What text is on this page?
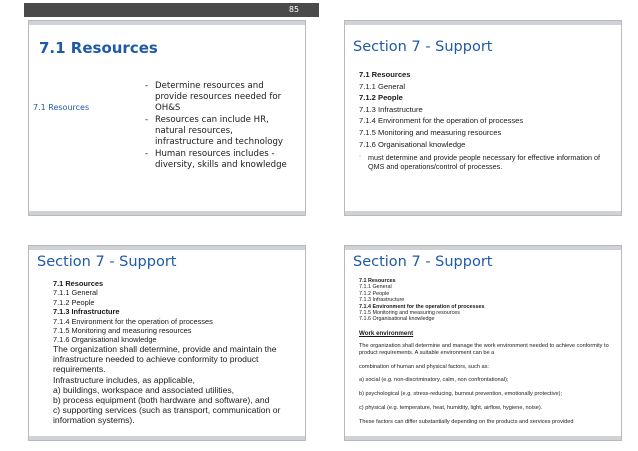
85
7.1 Resources
7.1 Resources
- Determine resources and provide resources needed for OH&S
- Resources can include HR, natural resources, infrastructure and technology
- Human resources includes - diversity, skills and knowledge
Section 7 - Support
7.1 Resources
7.1.1 General
7.1.2 People
7.1.3 Infrastructure
7.1.4 Environment for the operation of processes
7.1.5 Monitoring and measuring resources
7.1.6 Organisational knowledge
◦ must determine and provide people necessary for effective information of QMS and operations/control of processes.
Section 7 - Support
7.1 Resources
7.1.1 General
7.1.2 People
7.1.3 Infrastructure
7.1.4 Environment for the operation of processes
7.1.5 Monitoring and measuring resources
7.1.6 Organisational knowledge
The organization shall determine, provide and maintain the infrastructure needed to achieve conformity to product requirements.
Infrastructure includes, as applicable,
a) buildings, workspace and associated utilities,
b) process equipment (both hardware and software), and
c) supporting services (such as transport, communication or information systems).
Section 7 - Support
7.1 Resources
7.1.1 General
7.1.2 People
7.1.3 Infrastructure
7.1.4 Environment for the operation of processes
7.1.5 Monitoring and measuring resources
7.1.6 Organisational knowledge
Work environment

The organization shall determine and manage the work environment needed to achieve conformity to product requirements. A suitable environment can be a

combination of human and physical factors, such as:

a) social (e.g. non-discriminatory, calm, non confrontational);

b) psychological (e.g. stress-reducing, burnout prevention, emotionally protective);

c) physical (e.g. temperature, heat, humidity, light, airflow, hygiene, noise).

These factors can differ substantially depending on the products and services provided
